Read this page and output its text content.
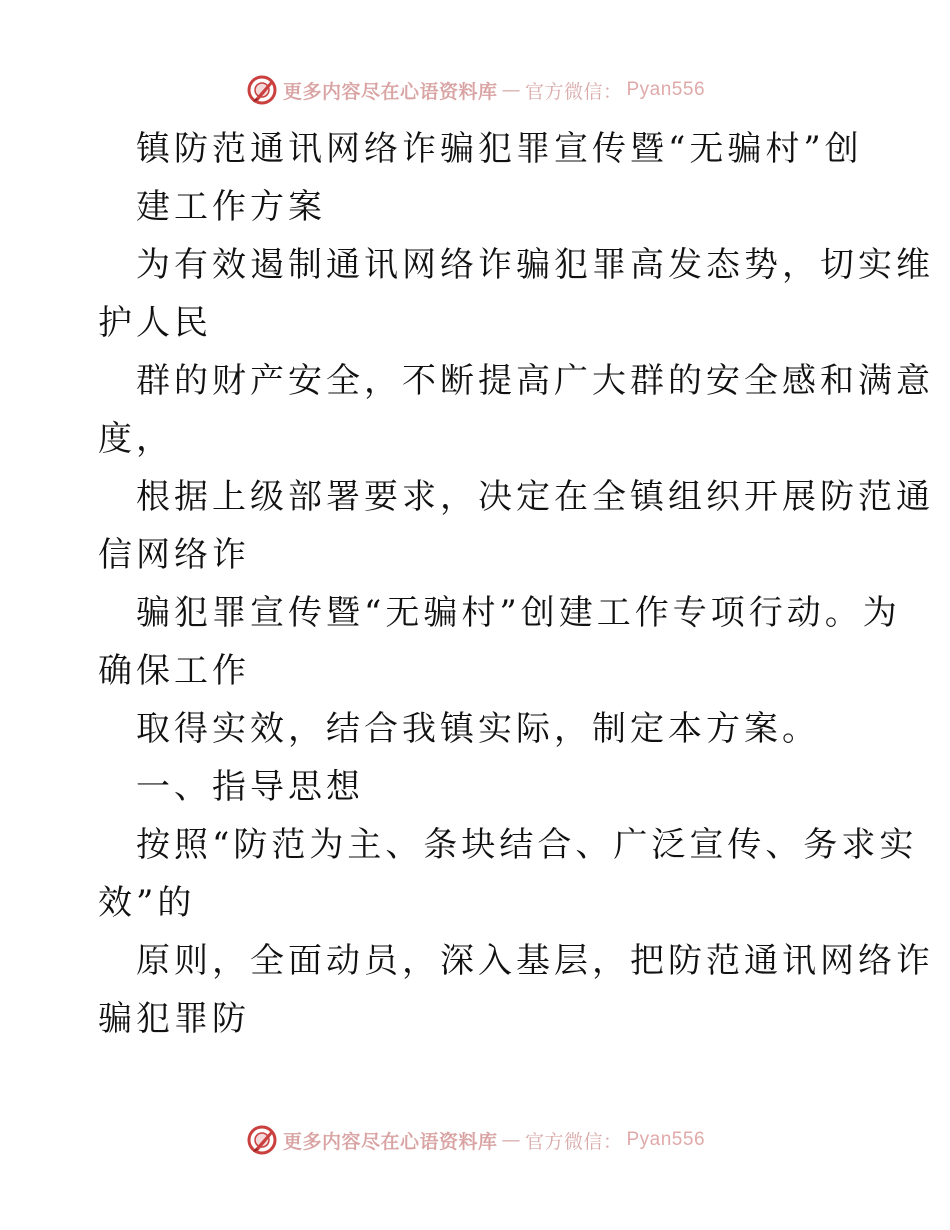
更多内容尽在心语资料库 — 官方微信： Pyan556
镇防范通讯网络诈骗犯罪宣传暨“无骗村”创
建工作方案
为有效遏制通讯网络诈骗犯罪高发态势，切实维
护人民
群的财产安全，不断提高广大群的安全感和满意
度，
根据上级部署要求，决定在全镇组织开展防范通
信网络诈
骗犯罪宣传暨“无骗村”创建工作专项行动。为
确保工作
取得实效，结合我镇实际，制定本方案。
一、指导思想
按照“防范为主、条块结合、广泛宣传、务求实
效”的
原则，全面动员，深入基层，把防范通讯网络诈
骗犯罪防
更多内容尽在心语资料库 — 官方微信： Pyan556
